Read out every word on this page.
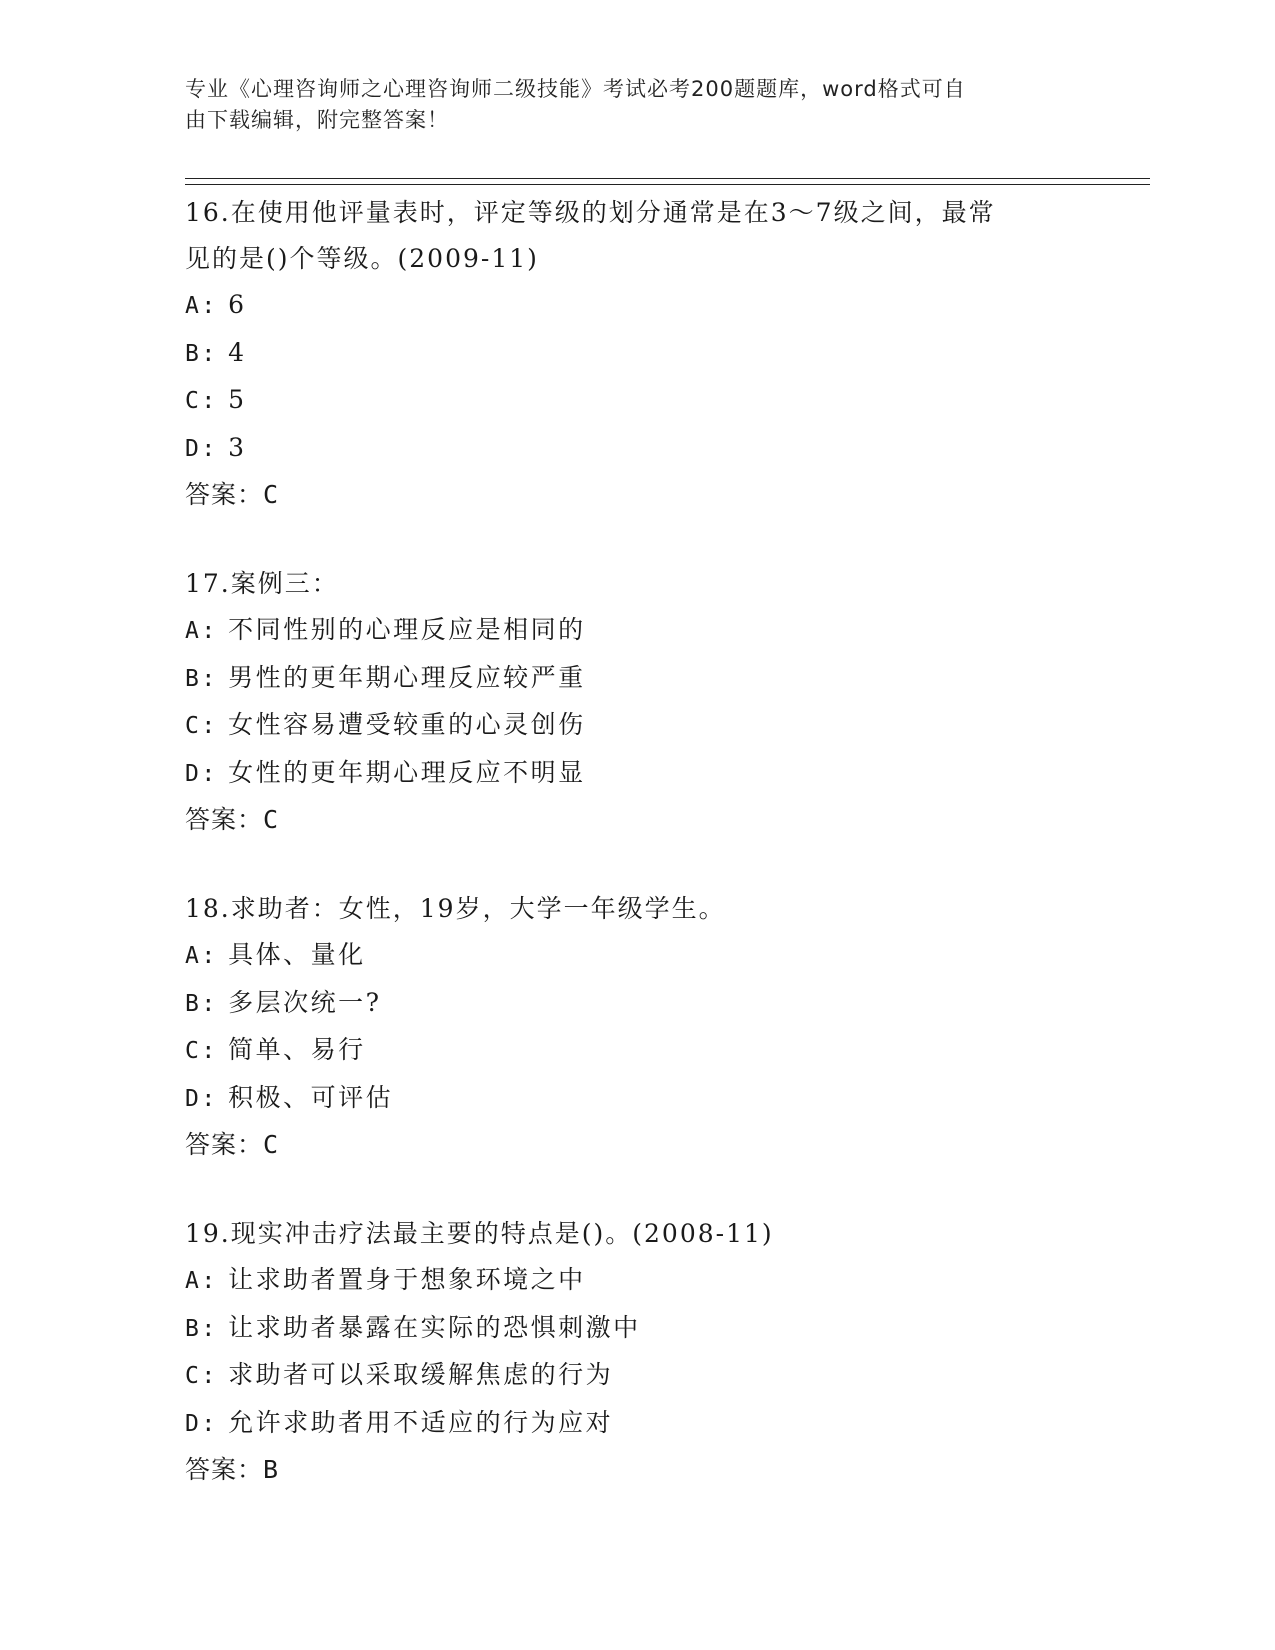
专业《心理咨询师之心理咨询师二级技能》考试必考200题题库，word格式可自
由下载编辑，附完整答案！

16.在使用他评量表时，评定等级的划分通常是在3～7级之间，最常

见的是()个等级。(2009-11)

A: 6

B: 4

C: 5

D: 3

答案：C

17.案例三：

A: 不同性别的心理反应是相同的

B: 男性的更年期心理反应较严重

C: 女性容易遭受较重的心灵创伤

D: 女性的更年期心理反应不明显

答案：C

18.求助者：女性，19岁，大学一年级学生。

A: 具体、量化

B: 多层次统一?

C: 简单、易行

D: 积极、可评估

答案：C

19.现实冲击疗法最主要的特点是()。(2008-11)

A: 让求助者置身于想象环境之中

B: 让求助者暴露在实际的恐惧刺激中

C: 求助者可以采取缓解焦虑的行为

D: 允许求助者用不适应的行为应对

答案：B
